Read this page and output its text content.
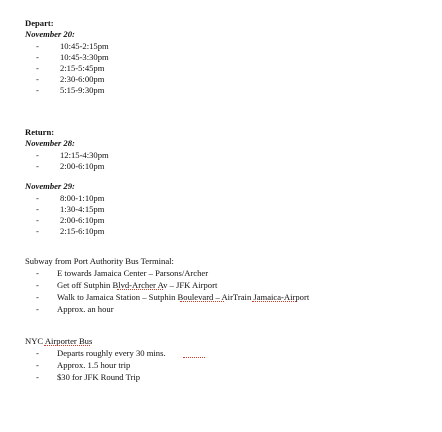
Depart:
November 20:
- 10:45-2:15pm
- 10:45-3:30pm
- 2:15-5:45pm
- 2:30-6:00pm
- 5:15-9:30pm
Return:
November 28:
- 12:15-4:30pm
- 2:00-6:10pm
November 29:
- 8:00-1:10pm
- 1:30-4:15pm
- 2:00-6:10pm
- 2:15-6:10pm
Subway from Port Authority Bus Terminal:
- E towards Jamaica Center – Parsons/Archer
- Get off Sutphin Blvd-Archer Av – JFK Airport
- Walk to Jamaica Station – Sutphin Boulevard – AirTrain Jamaica-Airport
- Approx. an hour
NYC Airporter Bus
- Departs roughly every 30 mins.
- Approx. 1.5 hour trip
- $30 for JFK Round Trip
